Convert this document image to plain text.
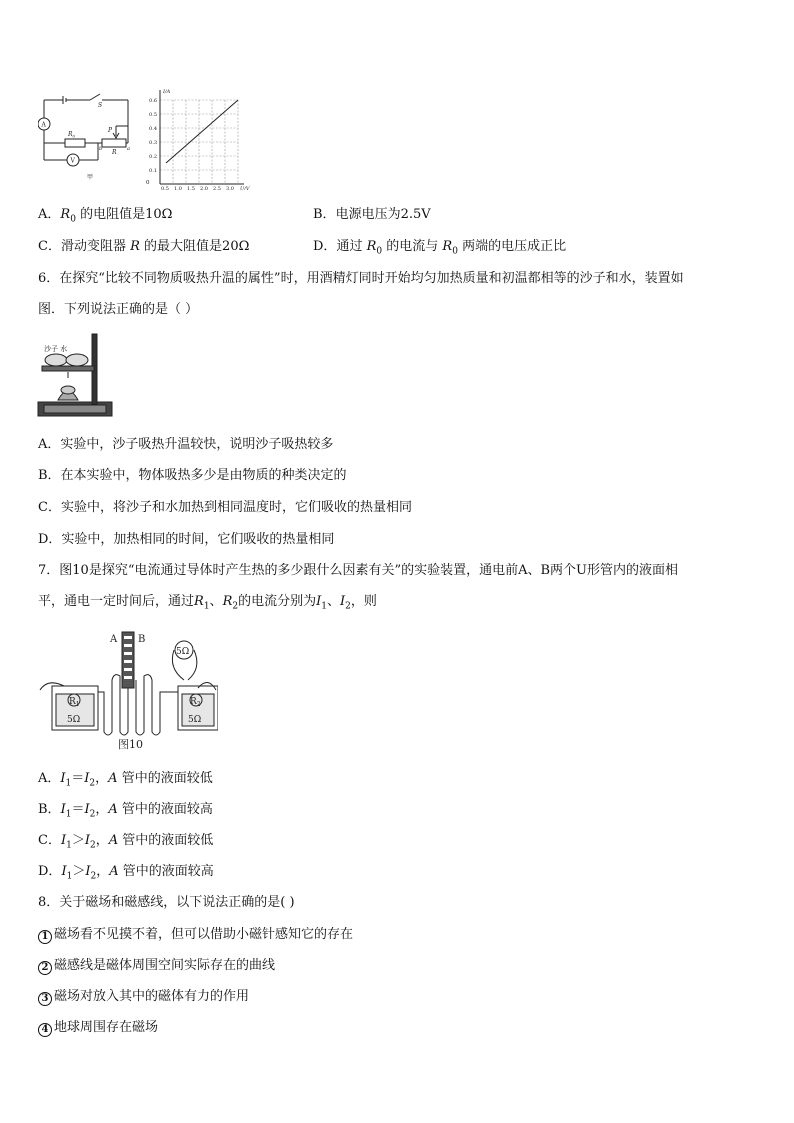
S
A
V
$R_0$
P
R
b	a
甲
I/A
U/V
0
0.1
0.2
0.3
0.4
0.5
0.6
0.5 1.0 1.5 2.0 2.5 3.0
A．$R_0$ 的电阻值是10Ω	B．电源电压为2.5V
C．滑动变阻器 R 的最大阻值是20Ω	D．通过 $R_0$ 的电流与 $R_0$ 两端的电压成正比
6．在探究“比较不同物质吸热升温的属性”时，用酒精灯同时开始均匀加热质量和初温都相等的沙子和水，装置如
图．下列说法正确的是（ ）
沙子 水
A．实验中，沙子吸热升温较快，说明沙子吸热较多
B．在本实验中，物体吸热多少是由物质的种类决定的
C．实验中，将沙子和水加热到相同温度时，它们吸收的热量相同
D．实验中，加热相同的时间，它们吸收的热量相同
7．图10是探究“电流通过导体时产生热的多少跟什么因素有关”的实验装置，通电前A、B两个U形管内的液面相
平，通电一定时间后，通过$R_1$、$R_2$的电流分别为$I_1$、$I_2$，则
A B
5Ω
$R_1$
5Ω
$R_2$
5Ω
图10
A．$I_1=I_2$，A 管中的液面较低
B．$I_1=I_2$，A 管中的液面较高
C．$I_1>I_2$，A 管中的液面较低
D．$I_1>I_2$，A 管中的液面较高
8．关于磁场和磁感线，以下说法正确的是( )
1 磁场看不见摸不着，但可以借助小磁针感知它的存在
2 磁感线是磁体周围空间实际存在的曲线
3 磁场对放入其中的磁体有力的作用
4 地球周围存在磁场
